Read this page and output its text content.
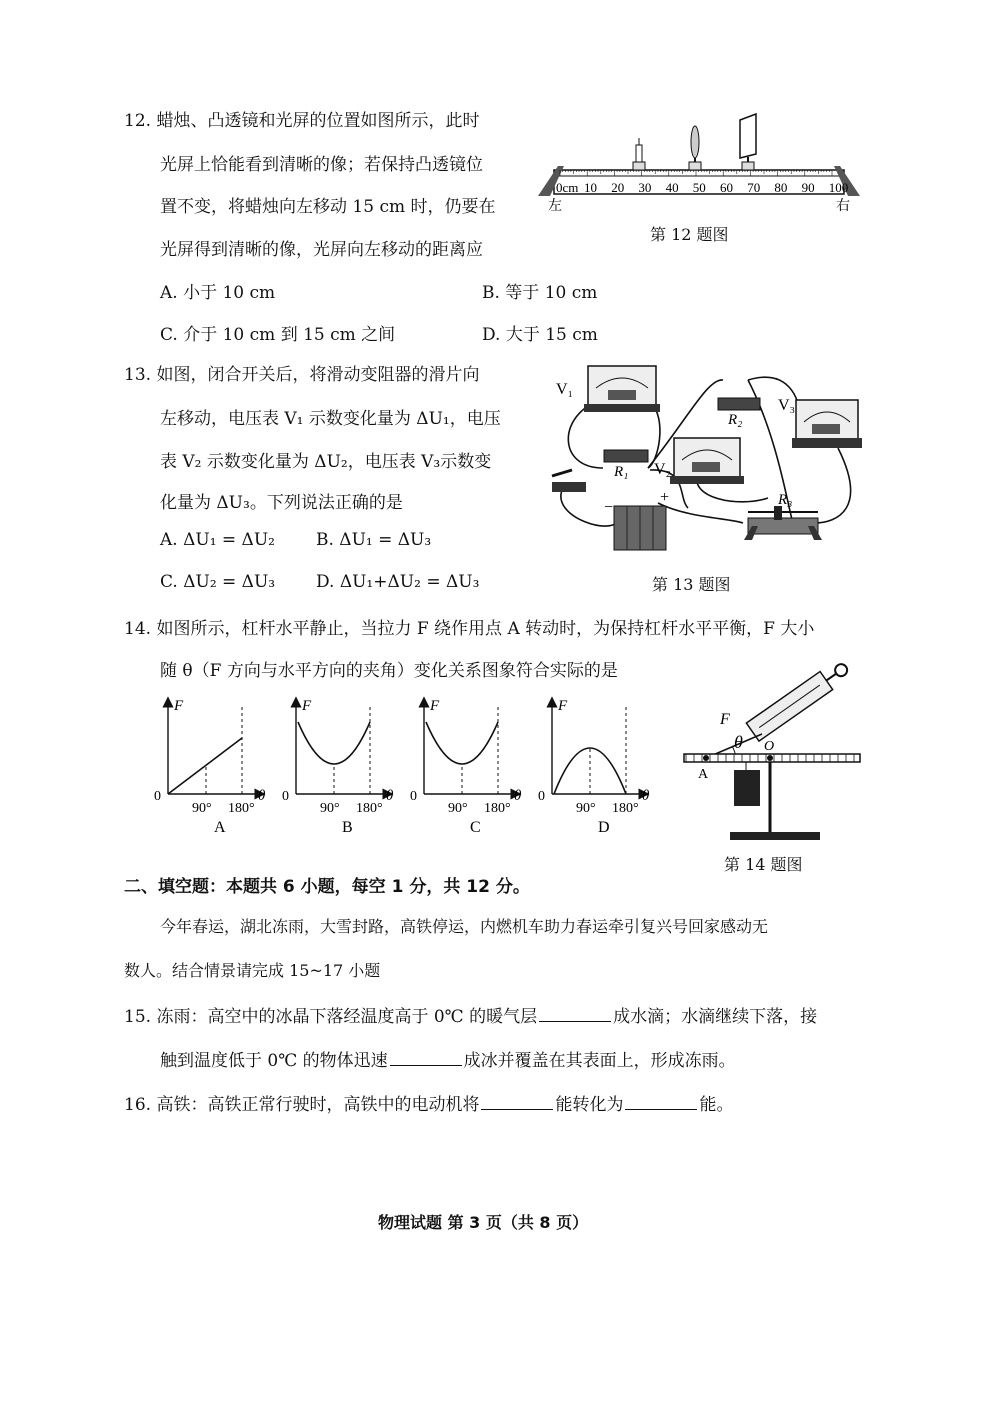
12. 蜡烛、凸透镜和光屏的位置如图所示，此时
光屏上恰能看到清晰的像；若保持凸透镜位
置不变，将蜡烛向左移动 15 cm 时，仍要在
光屏得到清晰的像，光屏向左移动的距离应
A. 小于 10 cm	B. 等于 10 cm
C. 介于 10 cm 到 15 cm 之间	D. 大于 15 cm
0cm 10 20 30 40 50 60 70 80 90 100
左	右
第 12 题图
13. 如图，闭合开关后，将滑动变阻器的滑片向
左移动，电压表 V₁ 示数变化量为 ΔU₁，电压
表 V₂ 示数变化量为 ΔU₂，电压表 V₃示数变
化量为 ΔU₃。下列说法正确的是
A. ΔU₁ = ΔU₂ B. ΔU₁ = ΔU₃
C. ΔU₂ = ΔU₃ D. ΔU₁+ΔU₂ = ΔU₃
V₁
R₁
R₂
V₂
V₃
−
+	R₃
第 13 题图
14. 如图所示，杠杆水平静止，当拉力 F 绕作用点 A 转动时，为保持杠杆水平平衡，F 大小
随 θ（F 方向与水平方向的夹角）变化关系图象符合实际的是
F
θ
0
90° 180°
A
F
θ
0
90° 180°
B
F
θ
0
90° 180°
C
F
θ
0
90° 180°
D
F
θ O
A
第 14 题图
二、填空题：本题共 6 小题，每空 1 分，共 12 分。
今年春运，湖北冻雨，大雪封路，高铁停运，内燃机车助力春运牵引复兴号回家感动无
数人。结合情景请完成 15~17 小题
15. 冻雨：高空中的冰晶下落经温度高于 0℃ 的暖气层	成水滴；水滴继续下落，接
触到温度低于 0℃ 的物体迅速	成冰并覆盖在其表面上，形成冻雨。
16. 高铁：高铁正常行驶时，高铁中的电动机将	能转化为	能。
物理试题 第 3 页（共 8 页）
